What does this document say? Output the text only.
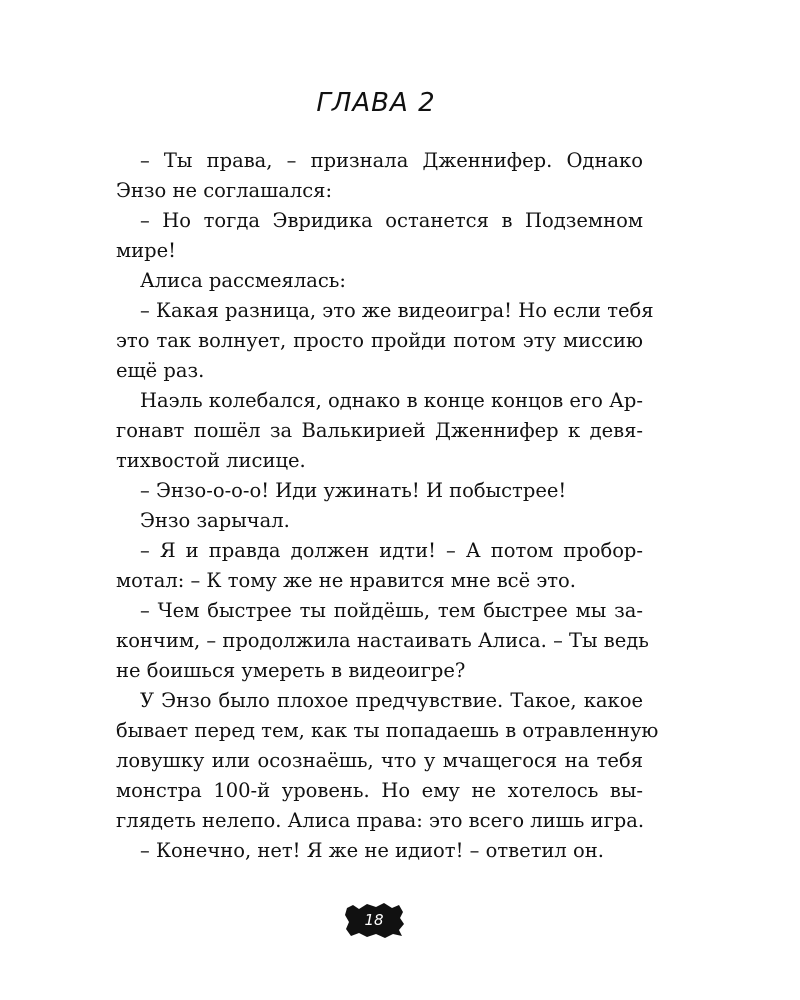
ГЛАВА 2
– Ты права, – признала Дженнифер. Однако
Энзо не соглашался:
– Но тогда Эвридика останется в Подземном
мире!
Алиса рассмеялась:
– Какая разница, это же видеоигра! Но если тебя
это так волнует, просто пройди потом эту миссию
ещё раз.
Наэль колебался, однако в конце концов его Ар-
гонавт пошёл за Валькирией Дженнифер к девя-
тихвостой лисице.
– Энзо-о-о-о! Иди ужинать! И побыстрее!
Энзо зарычал.
– Я и правда должен идти! – А потом пробор-
мотал: – К тому же не нравится мне всё это.
– Чем быстрее ты пойдёшь, тем быстрее мы за-
кончим, – продолжила настаивать Алиса. – Ты ведь
не боишься умереть в видеоигре?
У Энзо было плохое предчувствие. Такое, какое
бывает перед тем, как ты попадаешь в отравленную
ловушку или осознаёшь, что у мчащегося на тебя
монстра 100-й уровень. Но ему не хотелось вы-
глядеть нелепо. Алиса права: это всего лишь игра.
– Конечно, нет! Я же не идиот! – ответил он.
18
